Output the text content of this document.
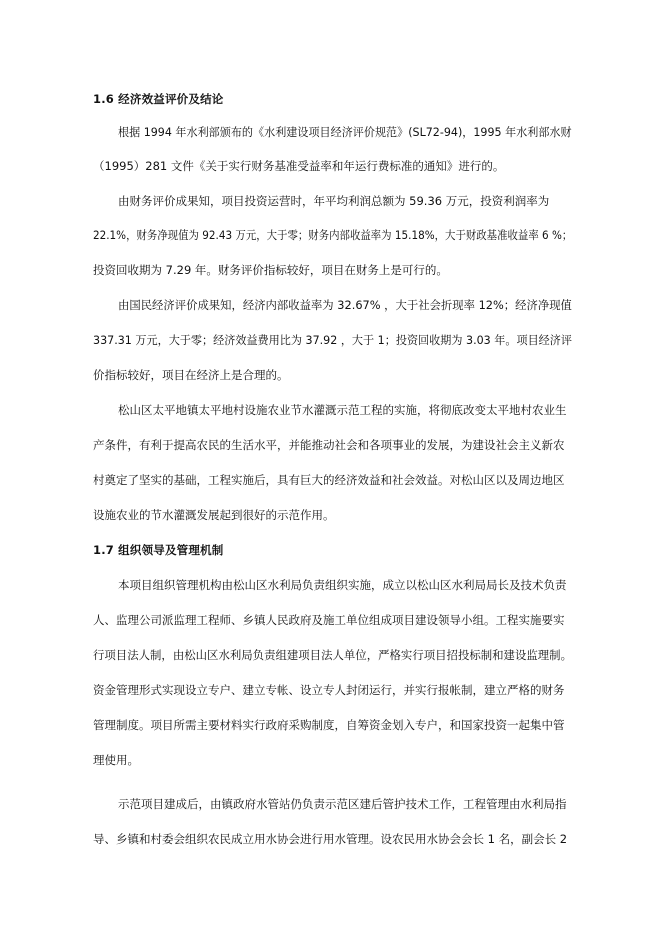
1.6 经济效益评价及结论
根据 1994 年水利部颁布的《水利建设项目经济评价规范》(SL72-94)，1995 年水利部水财
（1995）281 文件《关于实行财务基准受益率和年运行费标准的通知》进行的。
由财务评价成果知，项目投资运营时，年平均利润总额为 59.36 万元，投资利润率为
22.1%，财务净现值为 92.43 万元，大于零；财务内部收益率为 15.18%，大于财政基准收益率 6 %；
投资回收期为 7.29 年。财务评价指标较好，项目在财务上是可行的。
由国民经济评价成果知，经济内部收益率为 32.67% ，大于社会折现率 12%；经济净现值
337.31 万元，大于零；经济效益费用比为 37.92 ，大于 1；投资回收期为 3.03 年。项目经济评
价指标较好，项目在经济上是合理的。
松山区太平地镇太平地村设施农业节水灌溉示范工程的实施，将彻底改变太平地村农业生
产条件，有利于提高农民的生活水平，并能推动社会和各项事业的发展，为建设社会主义新农
村奠定了坚实的基础，工程实施后，具有巨大的经济效益和社会效益。对松山区以及周边地区
设施农业的节水灌溉发展起到很好的示范作用。
1.7 组织领导及管理机制
本项目组织管理机构由松山区水利局负责组织实施，成立以松山区水利局局长及技术负责
人、监理公司派监理工程师、乡镇人民政府及施工单位组成项目建设领导小组。工程实施要实
行项目法人制，由松山区水利局负责组建项目法人单位，严格实行项目招投标制和建设监理制。
资金管理形式实现设立专户、建立专帐、设立专人封闭运行，并实行报帐制，建立严格的财务
管理制度。项目所需主要材料实行政府采购制度，自筹资金划入专户，和国家投资一起集中管
理使用。
示范项目建成后，由镇政府水管站仍负责示范区建后管护技术工作，工程管理由水利局指
导、乡镇和村委会组织农民成立用水协会进行用水管理。设农民用水协会会长 1 名，副会长 2
